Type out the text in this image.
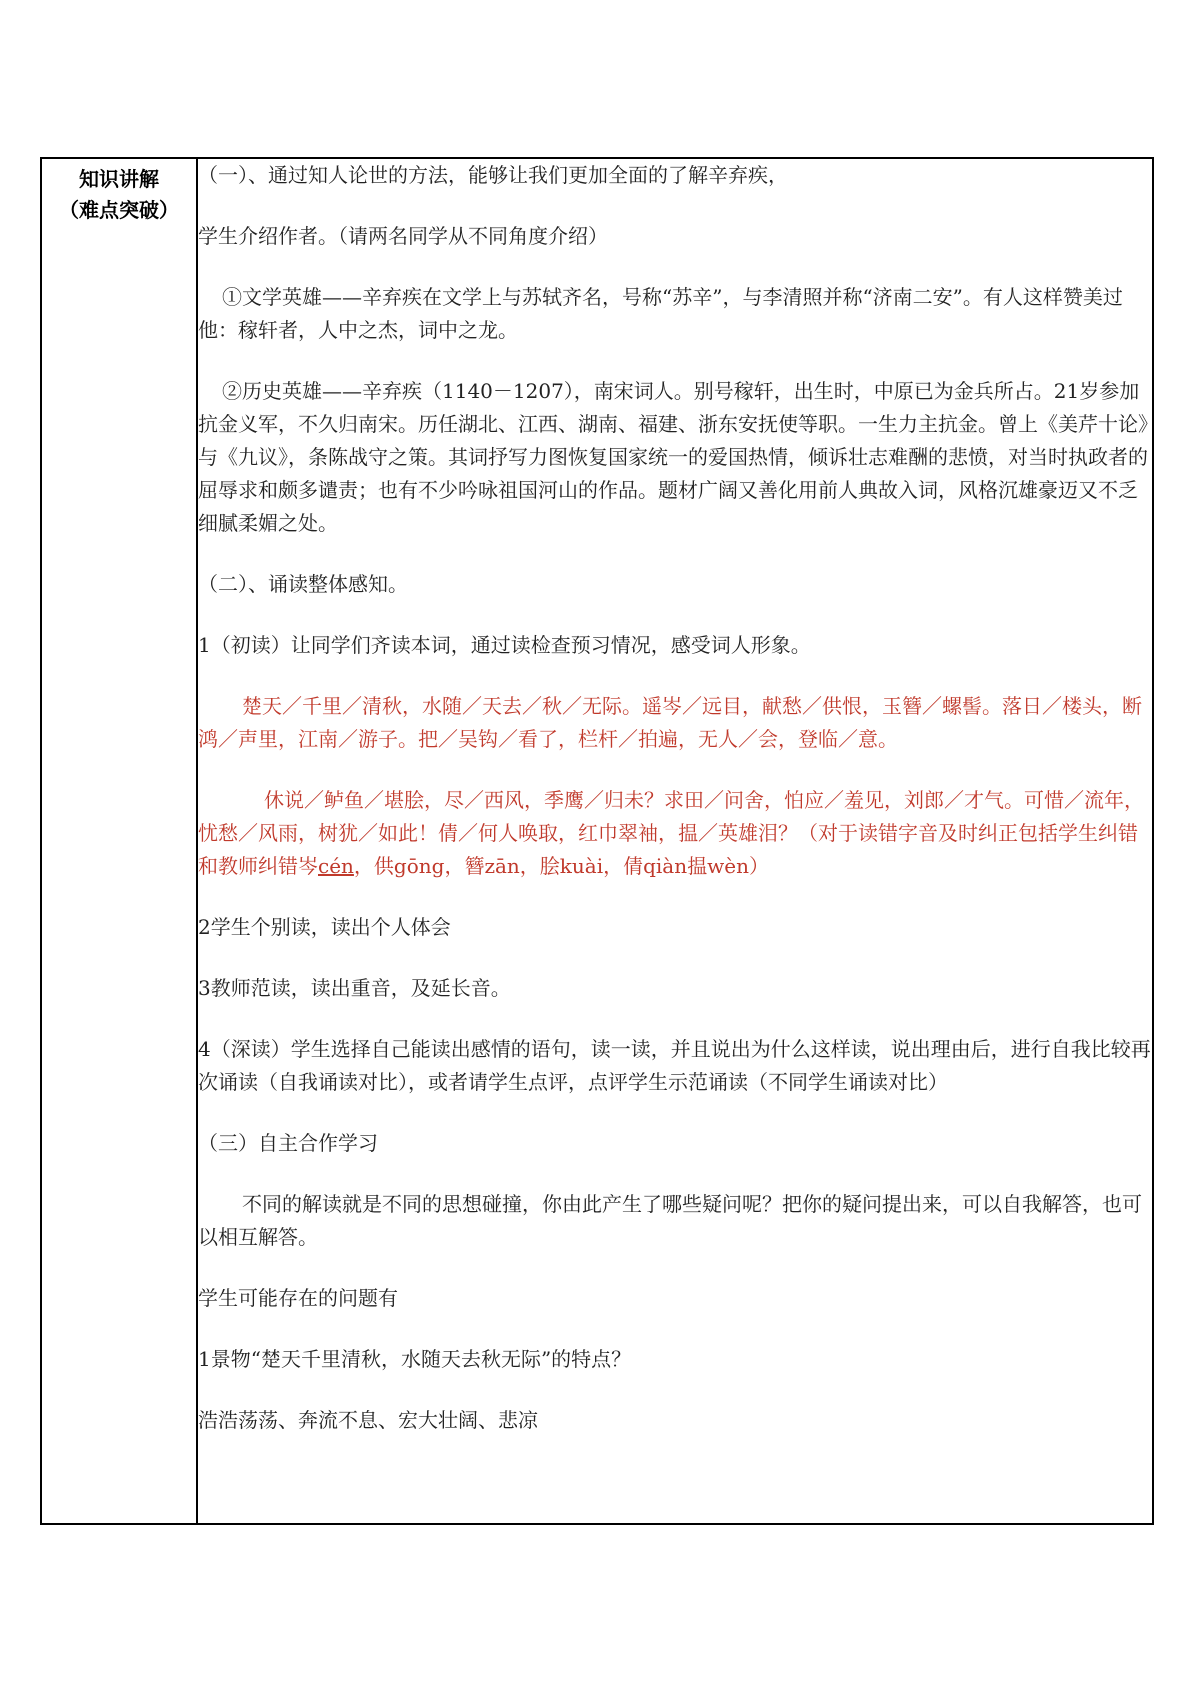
知识讲解
（难点突破）

（一）、通过知人论世的方法，能够让我们更加全面的了解辛弃疾，

学生介绍作者。（请两名同学从不同角度介绍）

①文学英雄——辛弃疾在文学上与苏轼齐名，号称“苏辛”，与李清照并称“济南二安”。有人这样赞美过他：稼轩者，人中之杰，词中之龙。

②历史英雄——辛弃疾（1140－1207），南宋词人。别号稼轩，出生时，中原已为金兵所占。21岁参加抗金义军，不久归南宋。历任湖北、江西、湖南、福建、浙东安抚使等职。一生力主抗金。曾上《美芹十论》与《九议》，条陈战守之策。其词抒写力图恢复国家统一的爱国热情，倾诉壮志难酬的悲愤，对当时执政者的屈辱求和颇多谴责；也有不少吟咏祖国河山的作品。题材广阔又善化用前人典故入词，风格沉雄豪迈又不乏细腻柔媚之处。

（二）、诵读整体感知。

1（初读）让同学们齐读本词，通过读检查预习情况，感受词人形象。

楚天／千里／清秋，水随／天去／秋／无际。遥岑／远目，献愁／供恨，玉簪／螺髻。落日／楼头，断鸿／声里，江南／游子。把／吴钩／看了，栏杆／拍遍，无人／会，登临／意。

休说／鲈鱼／堪脍，尽／西风，季鹰／归未？求田／问舍，怕应／羞见，刘郎／才气。可惜／流年，忧愁／风雨，树犹／如此！倩／何人唤取，红巾翠袖，揾／英雄泪？（对于读错字音及时纠正包括学生纠错和教师纠错岑cén，供gōng，簪zān，脍kuài，倩qiàn揾wèn）

2学生个别读，读出个人体会

3教师范读，读出重音，及延长音。

4（深读）学生选择自己能读出感情的语句，读一读，并且说出为什么这样读，说出理由后，进行自我比较再次诵读（自我诵读对比），或者请学生点评，点评学生示范诵读（不同学生诵读对比）

（三）自主合作学习

不同的解读就是不同的思想碰撞，你由此产生了哪些疑问呢？把你的疑问提出来，可以自我解答，也可以相互解答。

学生可能存在的问题有

1景物“楚天千里清秋，水随天去秋无际”的特点？

浩浩荡荡、奔流不息、宏大壮阔、悲凉
